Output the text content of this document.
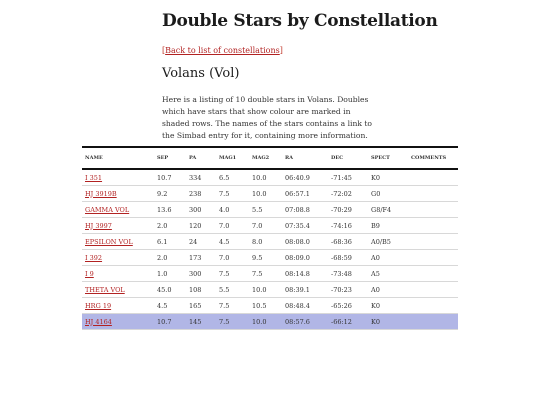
Double Stars by Constellation
[Back to list of constellations]
Volans (Vol)

Here is a listing of 10 double stars in Volans. Doubles which have stars that show colour are marked in shaded rows. The names of the stars contains a link to the Simbad entry for it, containing more information.

NAME	SEP	PA	MAG1	MAG2	RA	DEC	SPECT	COMMENTS
I 351	10.7	334	6.5	10.0	06:40.9	-71:45	K0	
HJ 3919B	9.2	238	7.5	10.0	06:57.1	-72:02	G0	
GAMMA VOL	13.6	300	4.0	5.5	07:08.8	-70:29	G8/F4	
HJ 3997	2.0	120	7.0	7.0	07:35.4	-74:16	B9	
EPSILON VOL	6.1	24	4.5	8.0	08:08.0	-68:36	A0/B5	
I 392	2.0	173	7.0	9.5	08:09.0	-68:59	A0	
I 9	1.0	300	7.5	7.5	08:14.8	-73:48	A5	
THETA VOL	45.0	108	5.5	10.0	08:39.1	-70:23	A0	
HRG 19	4.5	165	7.5	10.5	08:48.4	-65:26	K0	
HJ 4164	10.7	145	7.5	10.0	08:57.6	-66:12	K0	
